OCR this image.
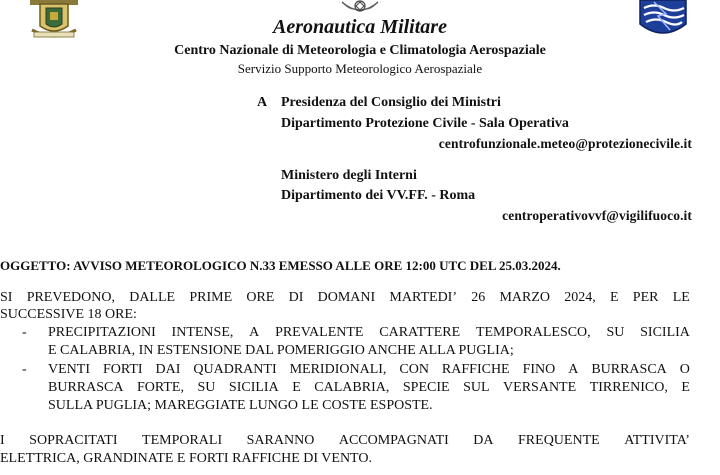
Aeronautica Militare
Centro Nazionale di Meteorologia e Climatologia Aerospaziale
Servizio Supporto Meteorologico Aerospaziale
A Presidenza del Consiglio dei Ministri
Dipartimento Protezione Civile - Sala Operativa
centrofunzionale.meteo@protezionecivile.it
Ministero degli Interni
Dipartimento dei VV.FF. - Roma
centroperativovvf@vigilifuoco.it
OGGETTO: AVVISO METEOROLOGICO N.33 EMESSO ALLE ORE 12:00 UTC DEL 25.03.2024.
SI PREVEDONO, DALLE PRIME ORE DI DOMANI MARTEDI’ 26 MARZO 2024, E PER LE
SUCCESSIVE 18 ORE:
- PRECIPITAZIONI INTENSE, A PREVALENTE CARATTERE TEMPORALESCO, SU SICILIA
E CALABRIA, IN ESTENSIONE DAL POMERIGGIO ANCHE ALLA PUGLIA;
- VENTI FORTI DAI QUADRANTI MERIDIONALI, CON RAFFICHE FINO A BURRASCA O
BURRASCA FORTE, SU SICILIA E CALABRIA, SPECIE SUL VERSANTE TIRRENICO, E
SULLA PUGLIA; MAREGGIATE LUNGO LE COSTE ESPOSTE.
I SOPRACITATI TEMPORALI SARANNO ACCOMPAGNATI DA FREQUENTE ATTIVITA’
ELETTRICA, GRANDINATE E FORTI RAFFICHE DI VENTO.
